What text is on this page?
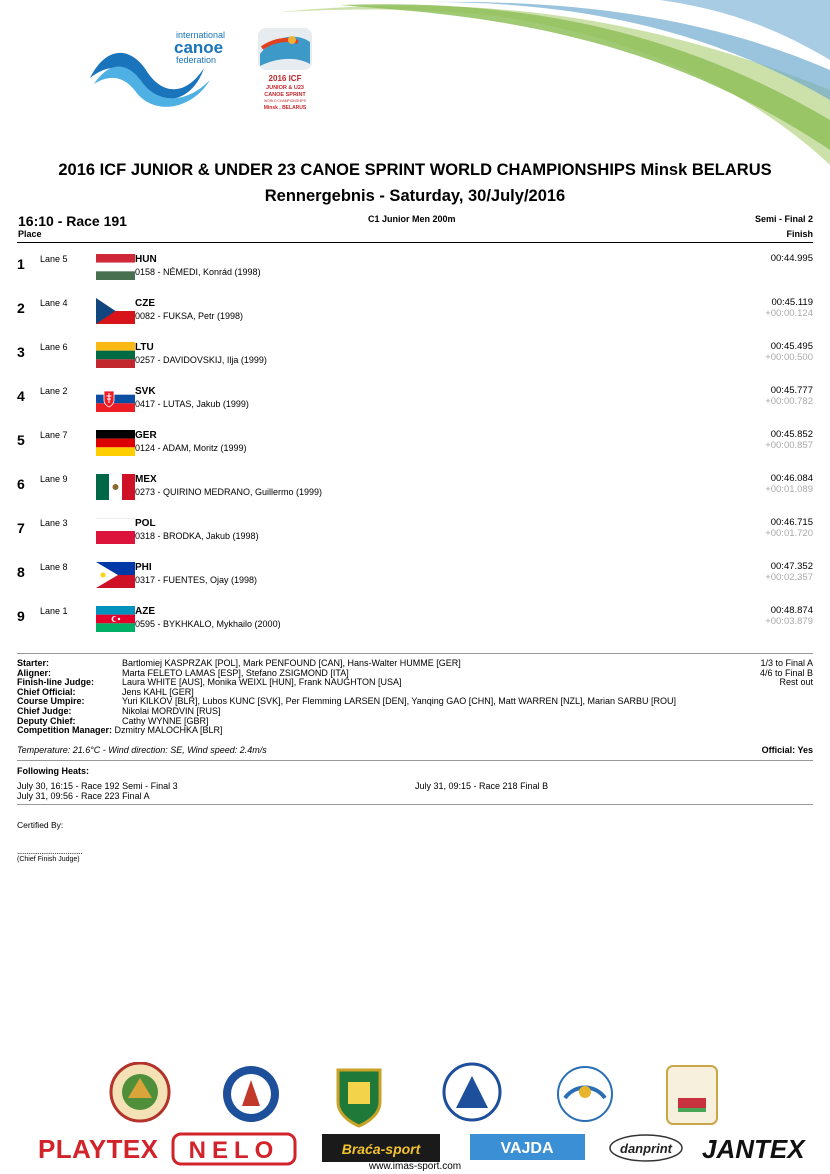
international
canoe
federation
2016 ICF
JUNIOR & U23
CANOE SPRINT
WORLD CHAMPIONSHIPS
Minsk , BELARUS
2016 ICF JUNIOR & UNDER 23 CANOE SPRINT WORLD CHAMPIONSHIPS Minsk BELARUS
Rennergebnis - Saturday, 30/July/2016
16:10 - Race 191
Place
C1 Junior Men 200m	Semi - Final 2
Finish
1 Lane 5	HUN
0158 - NÉMEDI, Konrád (1998)
00:44.995
2 Lane 4	CZE
0082 - FUKSA, Petr (1998)
00:45.119
+00:00.124
3 Lane 6	LTU
0257 - DAVIDOVSKIJ, Ilja (1999)
00:45.495
+00:00.500
4 Lane 2	SVK
0417 - LUTAS, Jakub (1999)
00:45.777
+00:00.782
5 Lane 7	GER
0124 - ADAM, Moritz (1999)
00:45.852
+00:00.857
6 Lane 9	MEX
0273 - QUIRINO MEDRANO, Guillermo (1999)
00:46.084
+00:01.089
7 Lane 3	POL
0318 - BRODKA, Jakub (1998)
00:46.715
+00:01.720
8 Lane 8	PHI
0317 - FUENTES, Ojay (1998)
00:47.352
+00:02.357
9 Lane 1	AZE
0595 - BYKHKALO, Mykhailo (2000)
00:48.874
+00:03.879
Starter:	Bartlomiej KASPRZAK [POL], Mark PENFOUND [CAN], Hans-Walter HUMME [GER]
Aligner:	Marta FELETO LAMAS [ESP], Stefano ZSIGMOND [ITA]
Finish-line Judge:	Laura WHITE [AUS], Monika WEIXL [HUN], Frank NAUGHTON [USA]
Chief Official:	Jens KAHL [GER]
Course Umpire:	Yuri KILKOV [BLR], Lubos KUNC [SVK], Per Flemming LARSEN [DEN], Yanqing GAO [CHN], Matt WARREN [NZL], Marian SARBU [ROU]
Chief Judge:	Nikolai MORDVIN [RUS]
Deputy Chief:	Cathy WYNNE [GBR]
Competition Manager: Dzmitry MALOCHKA [BLR]
1/3 to Final A
4/6 to Final B
Rest out
Temperature: 21.6°C - Wind direction: SE, Wind speed: 2.4m/s	Official: Yes
Following Heats:
July 30, 16:15 - Race 192 Semi - Final 3	July 31, 09:15 - Race 218 Final B
July 31, 09:56 - Race 223 Final A
Certified By:
...................................
(Chief Finish Judge)
PLAYTEX NELO	Braća-sport	VAJDA	danprint JANTEX
www.imas-sport.com
